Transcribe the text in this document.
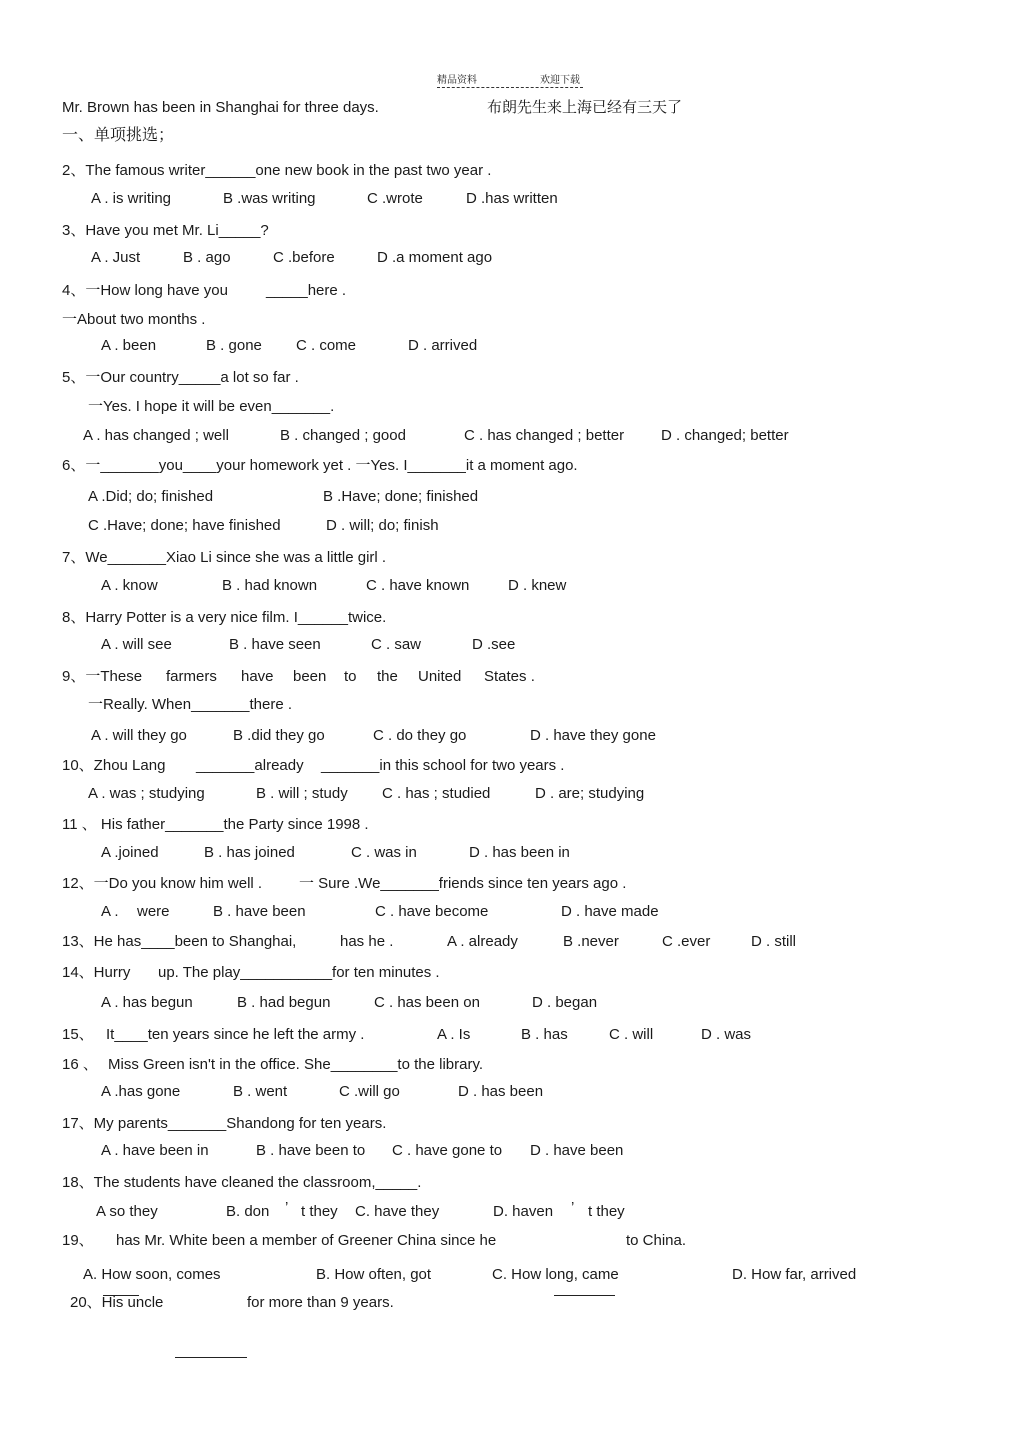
精品资料	欢迎下载
Mr. Brown has been in Shanghai for three days.	布朗先生来上海已经有三天了
一、单项挑选；
2、The famous writer______one new book in the past two year .
A . is writing	B .was writing	C .wrote	D .has written
3、Have you met Mr. Li_____?
A . Just	B . ago	C .before	D .a moment ago
4、一How long have you	_____here .
一About two months .
A . been	B . gone C . come	D . arrived
5、一Our country_____a lot so far .
一Yes. I hope it will be even_______.
A . has changed ; well	B . changed ; good	C . has changed ; better D . changed; better
6、一_______you____your homework yet . 一Yes. I_______it a moment ago.
A .Did; do; finished	B .Have; done; finished
C .Have; done; have finished	D . will; do; finish
7、We_______Xiao Li since she was a little girl .
A . know	B . had known	C . have known	D . knew
8、Harry Potter is a very nice film. I______twice.
A . will see	B . have seen	C . saw	D .see
9、一These farmers have been to the United States .
一Really. When_______there .
A . will they go	B .did they go	C . do they go	D . have they gone
10、Zhou Lang _______already _______in this school for two years .
A . was ; studying	B . will ; study C . has ; studied	D . are; studying
11 、 His father_______the Party since 1998 .
A .joined	B . has joined	C . was in	D . has been in
12、一Do you know him well . 一 Sure .We_______friends since ten years ago .
A . were	B . have been	C . have become	D . have made
13、He has____been to Shanghai,	has he .	A . already	B .never	C .ever	D . still
14、Hurry up. The play___________for ten minutes .
A . has begun	B . had begun	C . has been on	D . began
15、 It____ten years since he left the army .	A . Is	B . has	C . will	D . was
16 、 Miss Green isn't in the office. She________to the library.
A .has gone	B . went	C .will go	D . has been
17、My parents_______Shandong for ten years.
A . have been in	B . have been to C . have gone to D . have been
18、The students have cleaned the classroom,_____.
A so they	B. don ’ t they C. have they	D. haven ’ t they
19、 has Mr. White been a member of Greener China since he	to China.
A. How soon, comes	B. How often, got	C. How long, came	D. How far, arrived
20、His uncle	for more than 9 years.
